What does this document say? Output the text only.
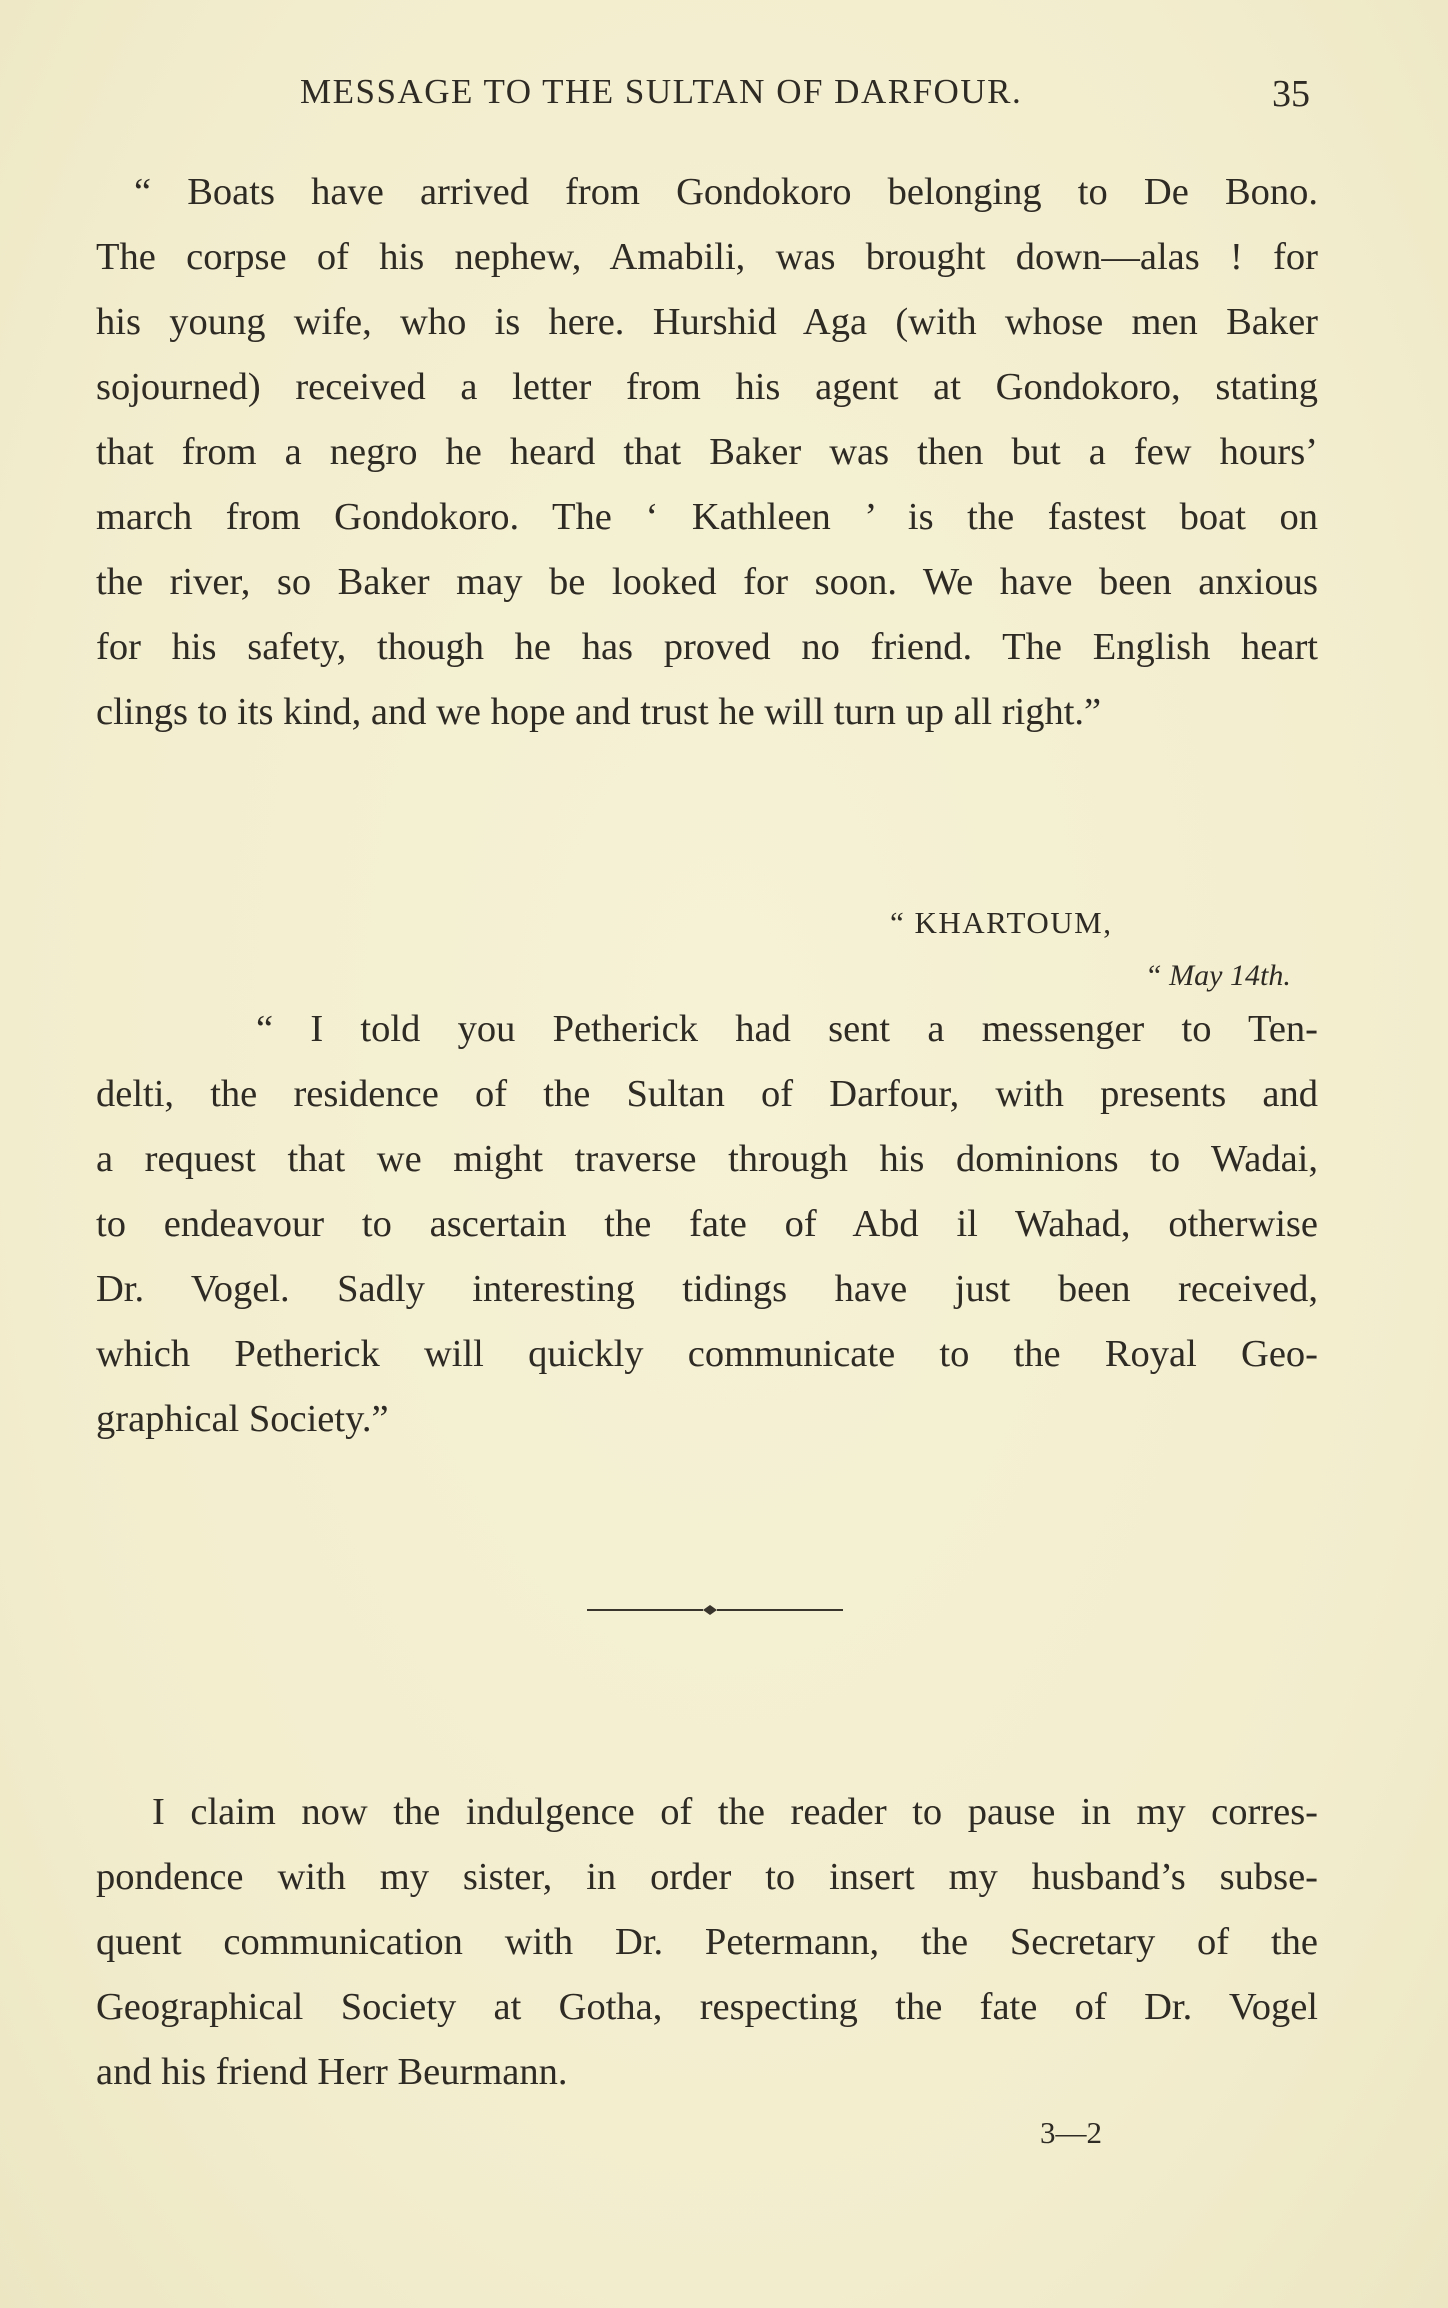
MESSAGE TO THE SULTAN OF DARFOUR.	35
“ Boats have arrived from Gondokoro belonging to De Bono.
The corpse of his nephew, Amabili, was brought down—alas ! for
his young wife, who is here. Hurshid Aga (with whose men Baker
sojourned) received a letter from his agent at Gondokoro, stating
that from a negro he heard that Baker was then but a few hours’
march from Gondokoro. The ‘ Kathleen ’ is the fastest boat on
the river, so Baker may be looked for soon. We have been anxious
for his safety, though he has proved no friend. The English heart
clings to its kind, and we hope and trust he will turn up all right.”
“ KHARTOUM,
“ May 14th.
“ I told you Petherick had sent a messenger to Ten-
delti, the residence of the Sultan of Darfour, with presents and
a request that we might traverse through his dominions to Wadai,
to endeavour to ascertain the fate of Abd il Wahad, otherwise
Dr. Vogel. Sadly interesting tidings have just been received,
which Petherick will quickly communicate to the Royal Geo-
graphical Society.”
I claim now the indulgence of the reader to pause in my corres-
pondence with my sister, in order to insert my husband’s subse-
quent communication with Dr. Petermann, the Secretary of the
Geographical Society at Gotha, respecting the fate of Dr. Vogel
and his friend Herr Beurmann.
3—2
